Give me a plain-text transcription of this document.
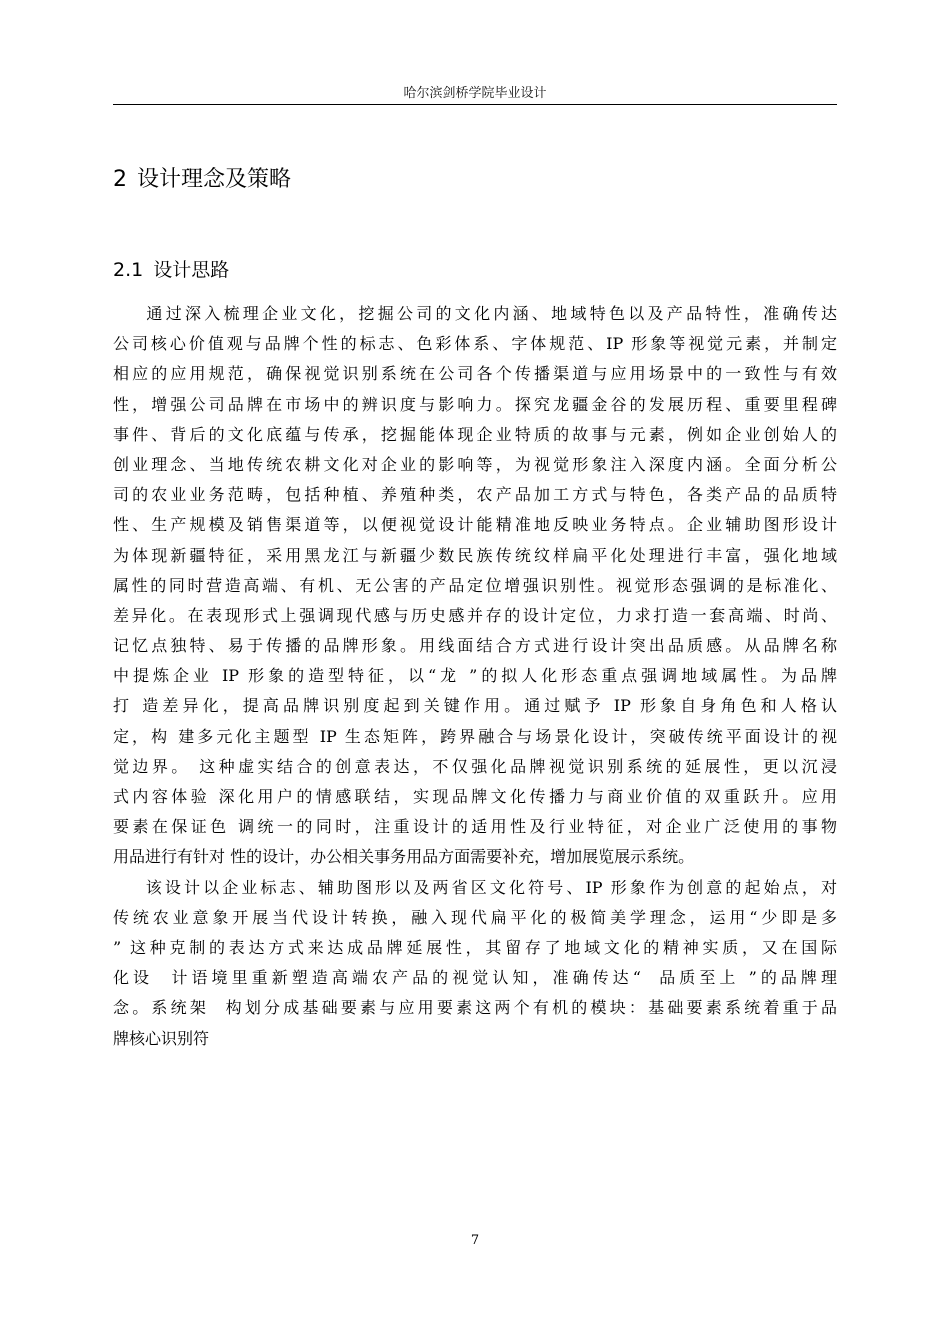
哈尔滨剑桥学院毕业设计
2 设计理念及策略
2.1 设计思路
通过深入梳理企业文化，挖掘公司的文化内涵、地域特色以及产品特性，准确传达
公司核心价值观与品牌个性的标志、色彩体系、字体规范、IP 形象等视觉元素，并制定
相应的应用规范，确保视觉识别系统在公司各个传播渠道与应用场景中的一致性与有效
性，增强公司品牌在市场中的辨识度与影响力。探究龙疆金谷的发展历程、重要里程碑
事件、背后的文化底蕴与传承，挖掘能体现企业特质的故事与元素，例如企业创始人的
创业理念、当地传统农耕文化对企业的影响等，为视觉形象注入深度内涵。全面分析公
司的农业业务范畴，包括种植、养殖种类，农产品加工方式与特色，各类产品的品质特
性、生产规模及销售渠道等，以便视觉设计能精准地反映业务特点。企业辅助图形设计
为体现新疆特征，采用黑龙江与新疆少数民族传统纹样扁平化处理进行丰富，强化地域
属性的同时营造高端、有机、无公害的产品定位增强识别性。视觉形态强调的是标准化、
差异化。在表现形式上强调现代感与历史感并存的设计定位，力求打造一套高端、时尚、
记忆点独特、易于传播的品牌形象。用线面结合方式进行设计突出品质感。从品牌名称
中提炼企业 IP 形象的造型特征，以“龙 ”的拟人化形态重点强调地域属性。为品牌
打 造差异化，提高品牌识别度起到关键作用。通过赋予 IP 形象自身角色和人格认
定，构 建多元化主题型 IP 生态矩阵，跨界融合与场景化设计，突破传统平面设计的视
觉边界。 这种虚实结合的创意表达，不仅强化品牌视觉识别系统的延展性，更以沉浸
式内容体验 深化用户的情感联结，实现品牌文化传播力与商业价值的双重跃升。应用
要素在保证色 调统一的同时，注重设计的适用性及行业特征，对企业广泛使用的事物
用品进行有针对 性的设计，办公相关事务用品方面需要补充，增加展览展示系统。
该设计以企业标志、辅助图形以及两省区文化符号、IP 形象作为创意的起始点，对
传统农业意象开展当代设计转换，融入现代扁平化的极简美学理念，运用“少即是多
” 这种克制的表达方式来达成品牌延展性，其留存了地域文化的精神实质，又在国际
化设  计语境里重新塑造高端农产品的视觉认知，准确传达“  品质至上 ”的品牌理
念。系统架  构划分成基础要素与应用要素这两个有机的模块：基础要素系统着重于品
牌核心识别符
7
